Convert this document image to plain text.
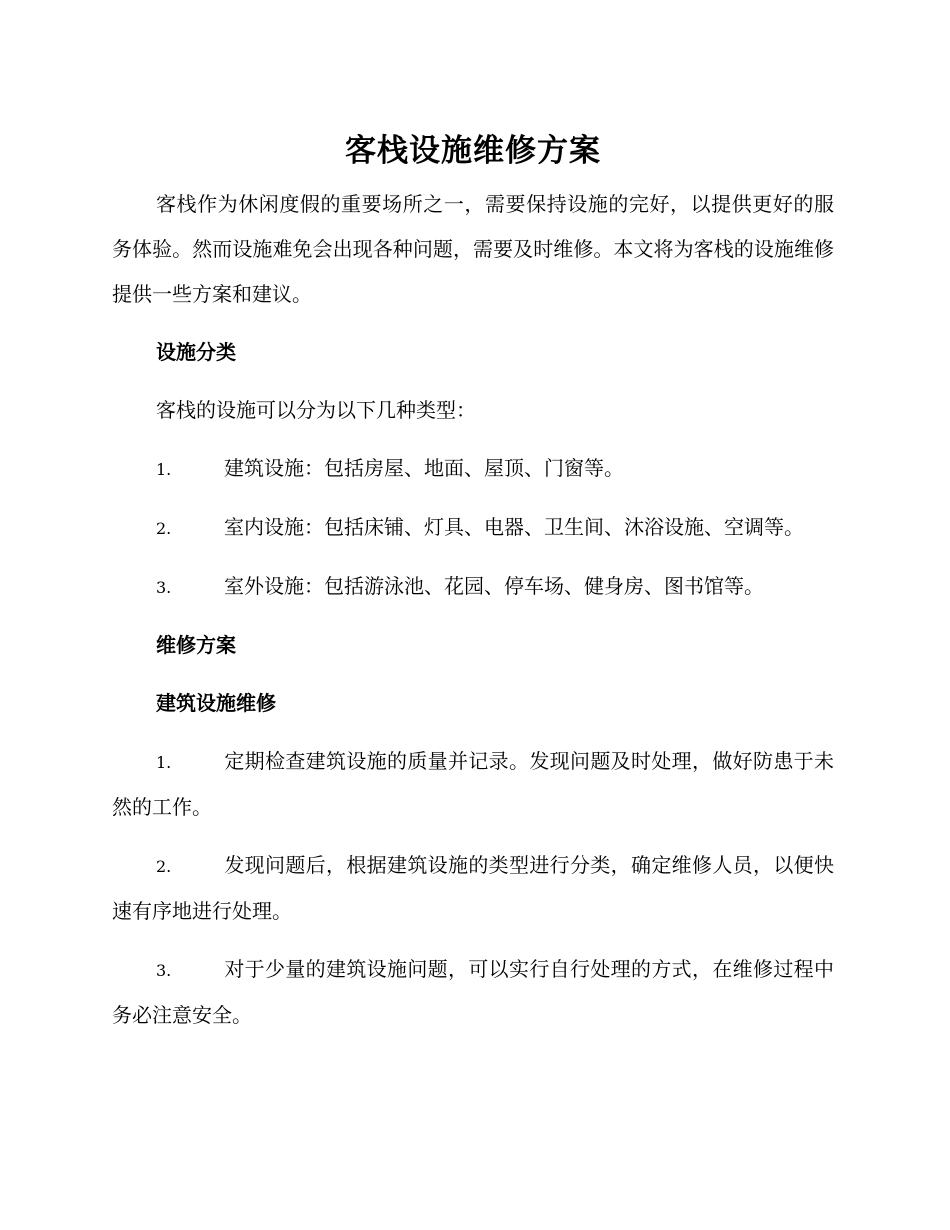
客栈设施维修方案

客栈作为休闲度假的重要场所之一，需要保持设施的完好，以提供更好的服务体验。然而设施难免会出现各种问题，需要及时维修。本文将为客栈的设施维修提供一些方案和建议。

设施分类

客栈的设施可以分为以下几种类型：

1.	建筑设施：包括房屋、地面、屋顶、门窗等。

2.	室内设施：包括床铺、灯具、电器、卫生间、沐浴设施、空调等。

3.	室外设施：包括游泳池、花园、停车场、健身房、图书馆等。

维修方案

建筑设施维修

1.	定期检查建筑设施的质量并记录。发现问题及时处理，做好防患于未然的工作。

2.	发现问题后，根据建筑设施的类型进行分类，确定维修人员，以便快速有序地进行处理。

3.	对于少量的建筑设施问题，可以实行自行处理的方式，在维修过程中务必注意安全。
